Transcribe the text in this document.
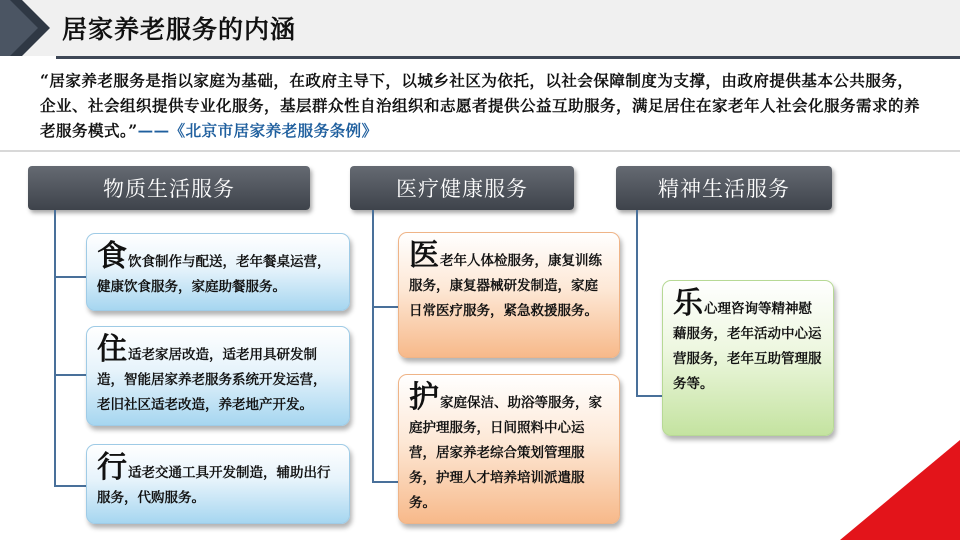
居家养老服务的内涵
“居家养老服务是指以家庭为基础，在政府主导下，以城乡社区为依托，以社会保障制度为支撑，由政府提供基本公共服务，企业、社会组织提供专业化服务，基层群众性自治组织和志愿者提供公益互助服务，满足居住在家老年人社会化服务需求的养老服务模式。”——《北京市居家养老服务条例》
物质生活服务	医疗健康服务	精神生活服务
食饮食制作与配送，老年餐桌运营，健康饮食服务，家庭助餐服务。
住适老家居改造，适老用具研发制造，智能居家养老服务系统开发运营，老旧社区适老改造，养老地产开发。
行适老交通工具开发制造，辅助出行服务，代购服务。
医老年人体检服务，康复训练服务，康复器械研发制造，家庭日常医疗服务，紧急救援服务。
护家庭保洁、助浴等服务，家庭护理服务，日间照料中心运营，居家养老综合策划管理服务，护理人才培养培训派遣服务。
乐心理咨询等精神慰藉服务，老年活动中心运营服务，老年互助管理服务等。
